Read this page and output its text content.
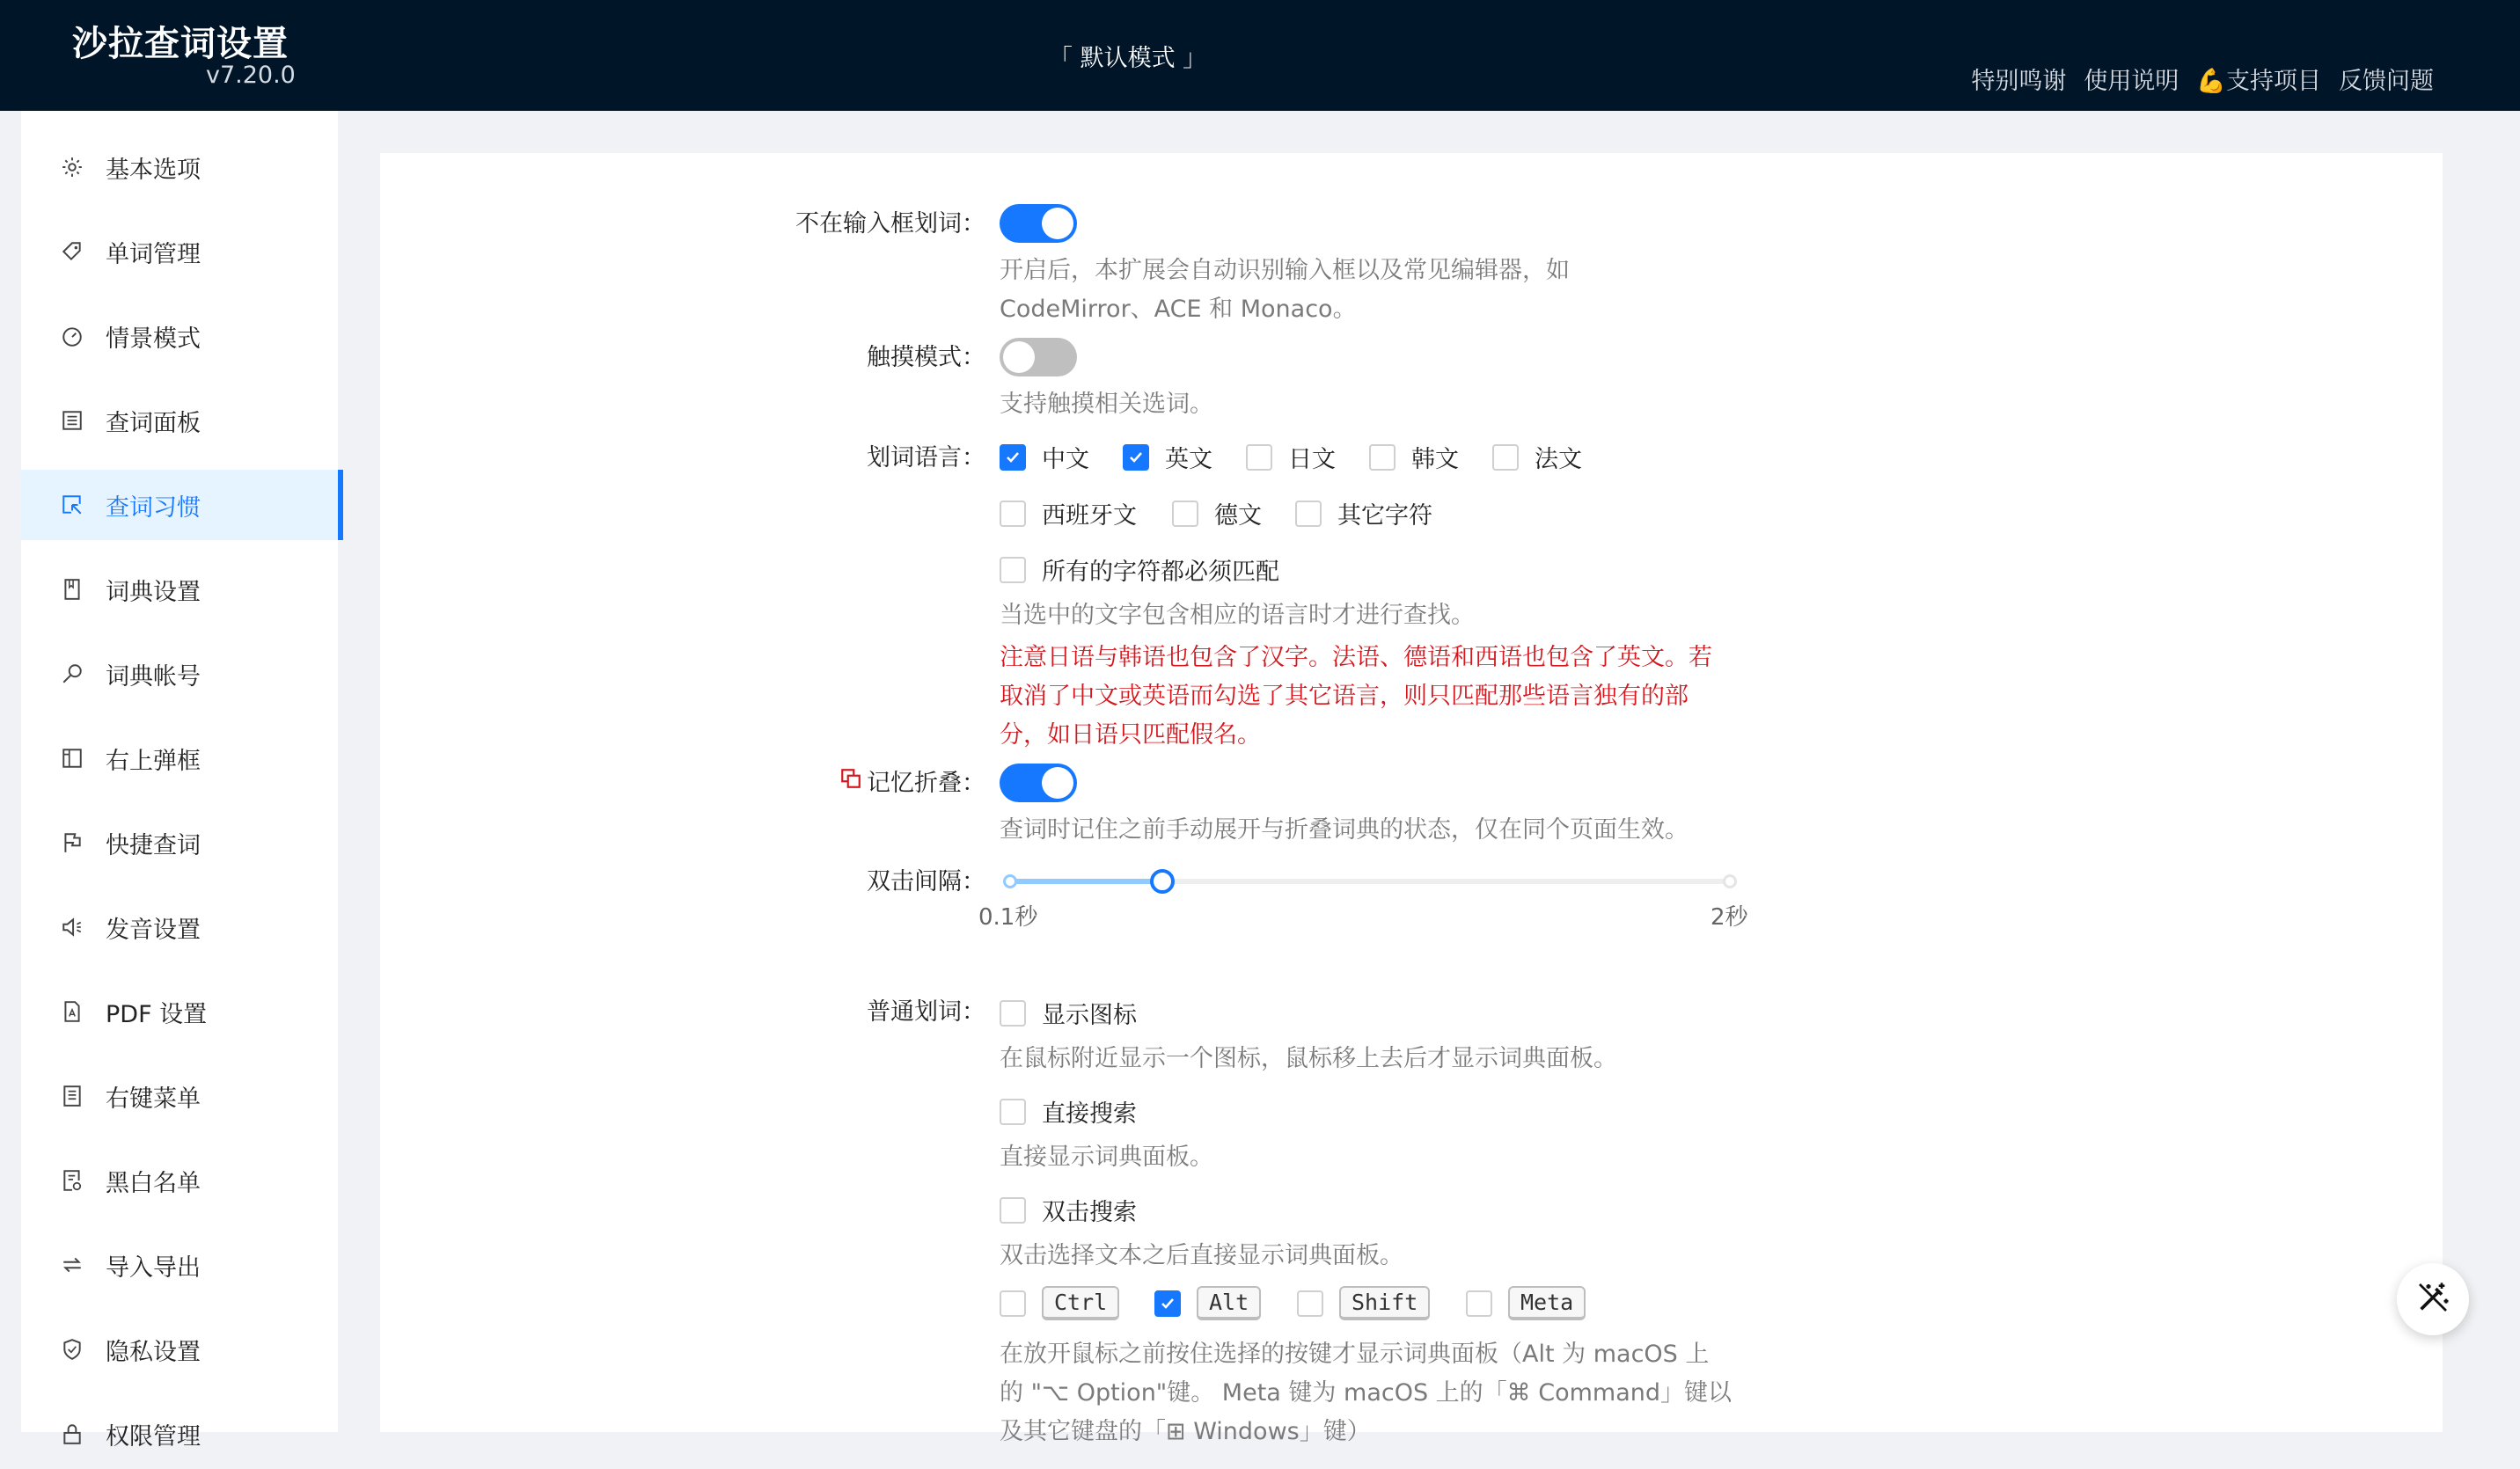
沙拉查词设置
v7.20.0
「 默认模式 」
特别鸣谢 使用说明 💪支持项目 反馈问题
基本选项
单词管理
情景模式
查词面板
查词习惯
词典设置
词典帐号
右上弹框
快捷查词
发音设置
PDF 设置
右键菜单
黑白名单
导入导出
隐私设置
权限管理
不在输入框划词：
开启后，本扩展会自动识别输入框以及常见编辑器，如
CodeMirror、ACE 和 Monaco。
触摸模式：
支持触摸相关选词。
划词语言： 中文	英文	日文	韩文	法文
西班牙文	德文	其它字符
所有的字符都必须匹配
当选中的文字包含相应的语言时才进行查找。
注意日语与韩语也包含了汉字。法语、德语和西语也包含了英文。若
取消了中文或英语而勾选了其它语言，则只匹配那些语言独有的部
分，如日语只匹配假名。
记忆折叠：
查词时记住之前手动展开与折叠词典的状态，仅在同个页面生效。
双击间隔：
0.1秒	2秒
普通划词： 显示图标
在鼠标附近显示一个图标，鼠标移上去后才显示词典面板。
直接搜索
直接显示词典面板。
双击搜索
双击选择文本之后直接显示词典面板。
Ctrl	Alt	Shift	Meta
在放开鼠标之前按住选择的按键才显示词典面板（Alt 为 macOS 上
的 "⌥ Option"键。 Meta 键为 macOS 上的「⌘ Command」键以
及其它键盘的「⊞ Windows」键）
